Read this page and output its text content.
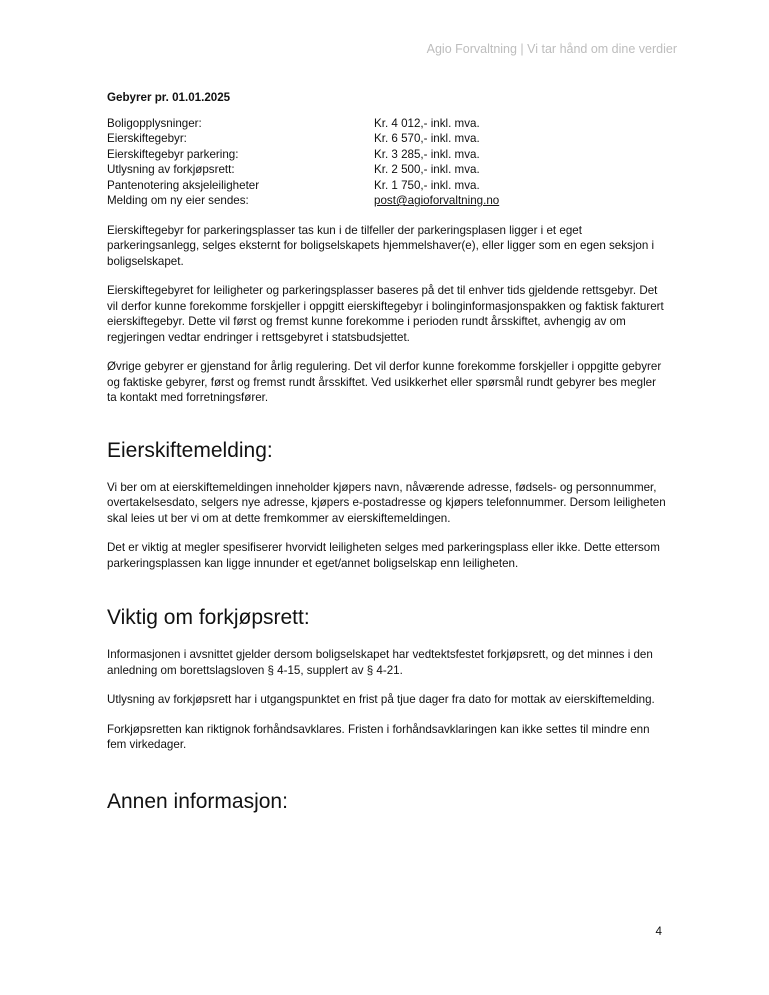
Agio Forvaltning | Vi tar hånd om dine verdier
Gebyrer pr. 01.01.2025
Boligopplysninger:	Kr. 4 012,- inkl. mva.
Eierskiftegebyr:	Kr. 6 570,- inkl. mva.
Eierskiftegebyr parkering:	Kr. 3 285,- inkl. mva.
Utlysning av forkjøpsrett:	Kr. 2 500,- inkl. mva.
Pantenotering aksjeleiligheter	Kr. 1 750,- inkl. mva.
Melding om ny eier sendes:	post@agioforvaltning.no

Eierskiftegebyr for parkeringsplasser tas kun i de tilfeller der parkeringsplasen ligger i et eget parkeringsanlegg, selges eksternt for boligselskapets hjemmelshaver(e), eller ligger som en egen seksjon i boligselskapet.

Eierskiftegebyret for leiligheter og parkeringsplasser baseres på det til enhver tids gjeldende rettsgebyr. Det vil derfor kunne forekomme forskjeller i oppgitt eierskiftegebyr i bolinginformasjonspakken og faktisk fakturert eierskiftegebyr. Dette vil først og fremst kunne forekomme i perioden rundt årsskiftet, avhengig av om regjeringen vedtar endringer i rettsgebyret i statsbudsjettet.

Øvrige gebyrer er gjenstand for årlig regulering. Det vil derfor kunne forekomme forskjeller i oppgitte gebyrer og faktiske gebyrer, først og fremst rundt årsskiftet. Ved usikkerhet eller spørsmål rundt gebyrer bes megler ta kontakt med forretningsfører.

Eierskiftemelding:

Vi ber om at eierskiftemeldingen inneholder kjøpers navn, nåværende adresse, fødsels- og personnummer, overtakelsesdato, selgers nye adresse, kjøpers e-postadresse og kjøpers telefonnummer. Dersom leiligheten skal leies ut ber vi om at dette fremkommer av eierskiftemeldingen.

Det er viktig at megler spesifiserer hvorvidt leiligheten selges med parkeringsplass eller ikke. Dette ettersom parkeringsplassen kan ligge innunder et eget/annet boligselskap enn leiligheten.

Viktig om forkjøpsrett:

Informasjonen i avsnittet gjelder dersom boligselskapet har vedtektsfestet forkjøpsrett, og det minnes i den anledning om borettslagsloven § 4-15, supplert av § 4-21.

Utlysning av forkjøpsrett har i utgangspunktet en frist på tjue dager fra dato for mottak av eierskiftemelding.

Forkjøpsretten kan riktignok forhåndsavklares. Fristen i forhåndsavklaringen kan ikke settes til mindre enn fem virkedager.

Annen informasjon:
4
